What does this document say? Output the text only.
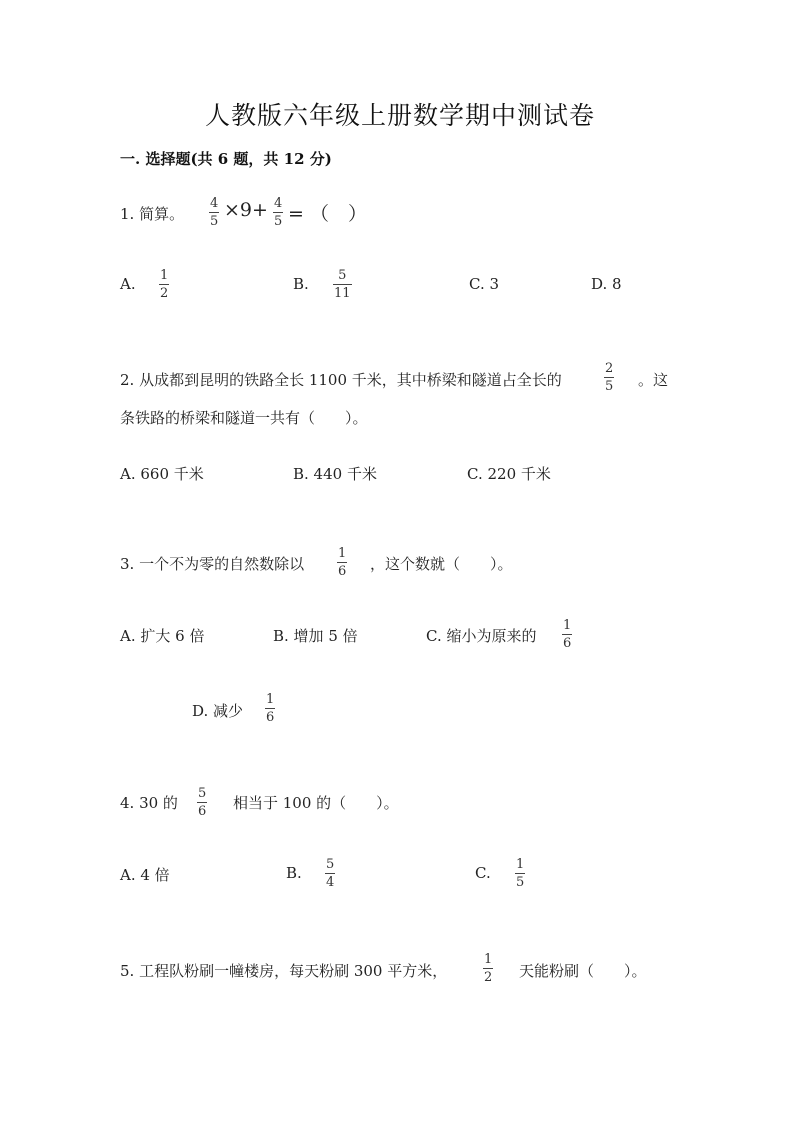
人教版六年级上册数学期中测试卷
一. 选择题(共 6 题，共 12 分)
1. 简算。
4
5
×9+ 4
5 = （　）
A. 1
2
B. 5
11
C. 3	D. 8
2. 从成都到昆明的铁路全长 1100 千米，其中桥梁和隧道占全长的
2
5 。这
条铁路的桥梁和隧道一共有（　　）。
A. 660 千米	B. 440 千米	C. 220 千米
3. 一个不为零的自然数除以
1
6 ，这个数就（　　）。
A. 扩大 6 倍	B. 增加 5 倍	C. 缩小为原来的
1
6
D. 减少
1
6
4. 30 的
5
6 相当于 100 的（　　）。
A. 4 倍	B. 5
4
C. 1
5
5. 工程队粉刷一幢楼房，每天粉刷 300 平方米，
1
2 天能粉刷（　　）。
